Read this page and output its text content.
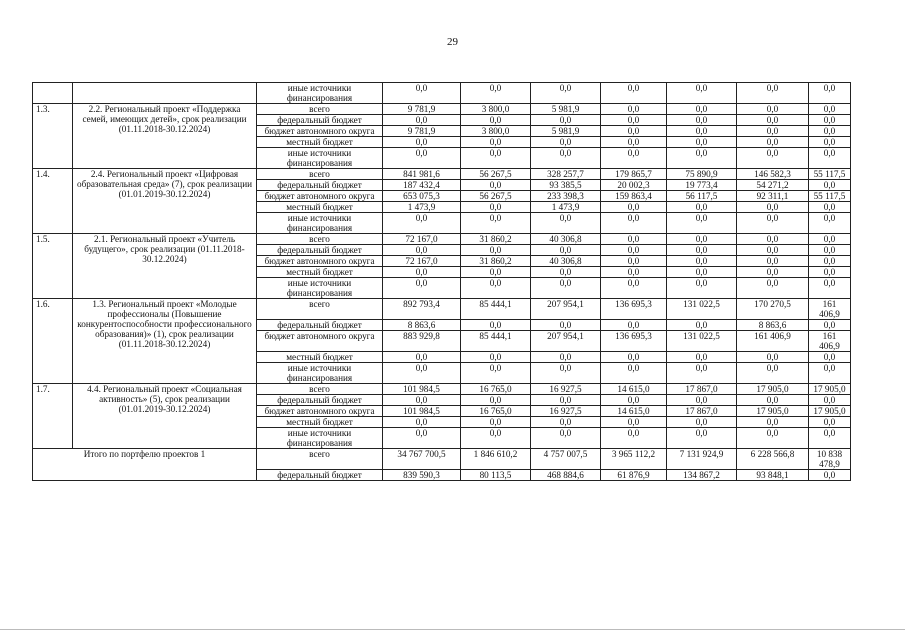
29
		иные источники финансирования	0,0	0,0	0,0	0,0	0,0	0,0	0,0
1.3.	2.2. Региональный проект «Поддержка семей, имеющих детей», срок реализации (01.11.2018-30.12.2024)	всего	9 781,9	3 800,0	5 981,9	0,0	0,0	0,0	0,0
		федеральный бюджет	0,0	0,0	0,0	0,0	0,0	0,0	0,0
		бюджет автономного округа	9 781,9	3 800,0	5 981,9	0,0	0,0	0,0	0,0
		местный бюджет	0,0	0,0	0,0	0,0	0,0	0,0	0,0
		иные источники финансирования	0,0	0,0	0,0	0,0	0,0	0,0	0,0
1.4.	2.4. Региональный проект «Цифровая образовательная среда» (7), срок реализации (01.01.2019-30.12.2024)	всего	841 981,6	56 267,5	328 257,7	179 865,7	75 890,9	146 582,3	55 117,5
		федеральный бюджет	187 432,4	0,0	93 385,5	20 002,3	19 773,4	54 271,2	0,0
		бюджет автономного округа	653 075,3	56 267,5	233 398,3	159 863,4	56 117,5	92 311,1	55 117,5
		местный бюджет	1 473,9	0,0	1 473,9	0,0	0,0	0,0	0,0
		иные источники финансирования	0,0	0,0	0,0	0,0	0,0	0,0	0,0
1.5.	2.1. Региональный проект «Учитель будущего», срок реализации (01.11.2018-30.12.2024)	всего	72 167,0	31 860,2	40 306,8	0,0	0,0	0,0	0,0
		федеральный бюджет	0,0	0,0	0,0	0,0	0,0	0,0	0,0
		бюджет автономного округа	72 167,0	31 860,2	40 306,8	0,0	0,0	0,0	0,0
		местный бюджет	0,0	0,0	0,0	0,0	0,0	0,0	0,0
		иные источники финансирования	0,0	0,0	0,0	0,0	0,0	0,0	0,0
1.6.	1.3. Региональный проект «Молодые профессионалы (Повышение конкурентоспособности профессионального образования)» (1), срок реализации (01.11.2018-30.12.2024)	всего	892 793,4	85 444,1	207 954,1	136 695,3	131 022,5	170 270,5	161 406,9
		федеральный бюджет	8 863,6	0,0	0,0	0,0	0,0	8 863,6	0,0
		бюджет автономного округа	883 929,8	85 444,1	207 954,1	136 695,3	131 022,5	161 406,9	161 406,9
		местный бюджет	0,0	0,0	0,0	0,0	0,0	0,0	0,0
		иные источники финансирования	0,0	0,0	0,0	0,0	0,0	0,0	0,0
1.7.	4.4. Региональный проект «Социальная активность» (5), срок реализации (01.01.2019-30.12.2024)	всего	101 984,5	16 765,0	16 927,5	14 615,0	17 867,0	17 905,0	17 905,0
		федеральный бюджет	0,0	0,0	0,0	0,0	0,0	0,0	0,0
		бюджет автономного округа	101 984,5	16 765,0	16 927,5	14 615,0	17 867,0	17 905,0	17 905,0
		местный бюджет	0,0	0,0	0,0	0,0	0,0	0,0	0,0
		иные источники финансирования	0,0	0,0	0,0	0,0	0,0	0,0	0,0
Итого по портфелю проектов 1		всего	34 767 700,5	1 846 610,2	4 757 007,5	3 965 112,2	7 131 924,9	6 228 566,8	10 838 478,9
		федеральный бюджет	839 590,3	80 113,5	468 884,6	61 876,9	134 867,2	93 848,1	0,0
